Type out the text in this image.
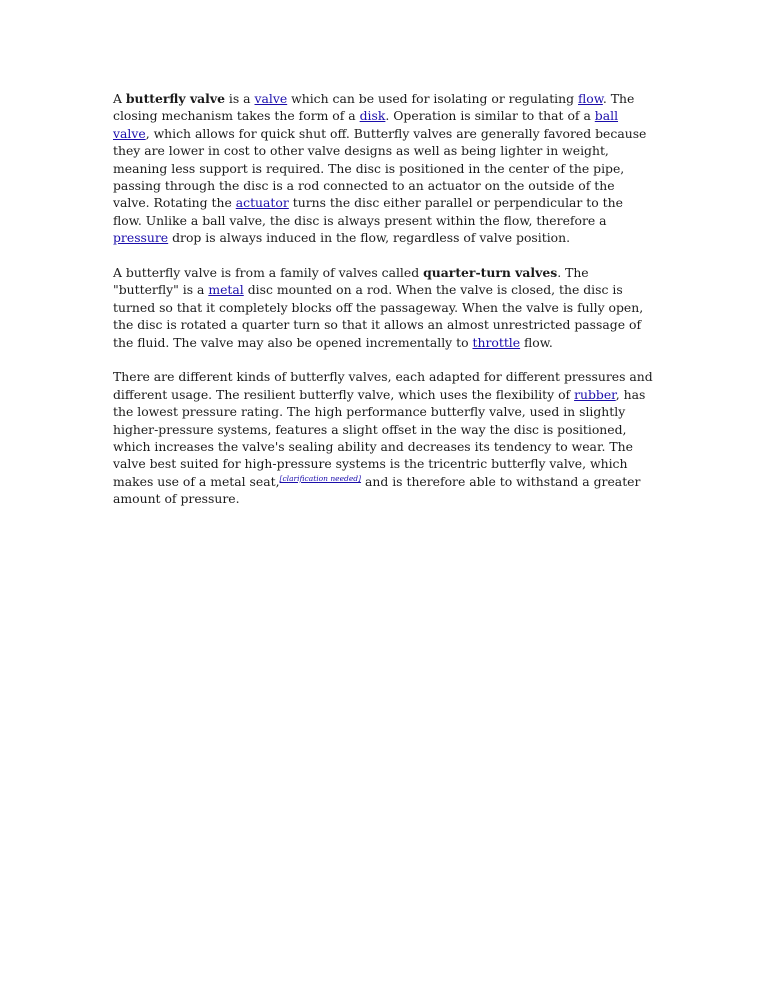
A butterfly valve is a valve which can be used for isolating or regulating flow. The closing mechanism takes the form of a disk. Operation is similar to that of a ball valve, which allows for quick shut off. Butterfly valves are generally favored because they are lower in cost to other valve designs as well as being lighter in weight, meaning less support is required. The disc is positioned in the center of the pipe, passing through the disc is a rod connected to an actuator on the outside of the valve. Rotating the actuator turns the disc either parallel or perpendicular to the flow. Unlike a ball valve, the disc is always present within the flow, therefore a pressure drop is always induced in the flow, regardless of valve position.

A butterfly valve is from a family of valves called quarter-turn valves. The "butterfly" is a metal disc mounted on a rod. When the valve is closed, the disc is turned so that it completely blocks off the passageway. When the valve is fully open, the disc is rotated a quarter turn so that it allows an almost unrestricted passage of the fluid. The valve may also be opened incrementally to throttle flow.

There are different kinds of butterfly valves, each adapted for different pressures and different usage. The resilient butterfly valve, which uses the flexibility of rubber, has the lowest pressure rating. The high performance butterfly valve, used in slightly higher-pressure systems, features a slight offset in the way the disc is positioned, which increases the valve's sealing ability and decreases its tendency to wear. The valve best suited for high-pressure systems is the tricentric butterfly valve, which makes use of a metal seat,[clarification needed] and is therefore able to withstand a greater amount of pressure.
